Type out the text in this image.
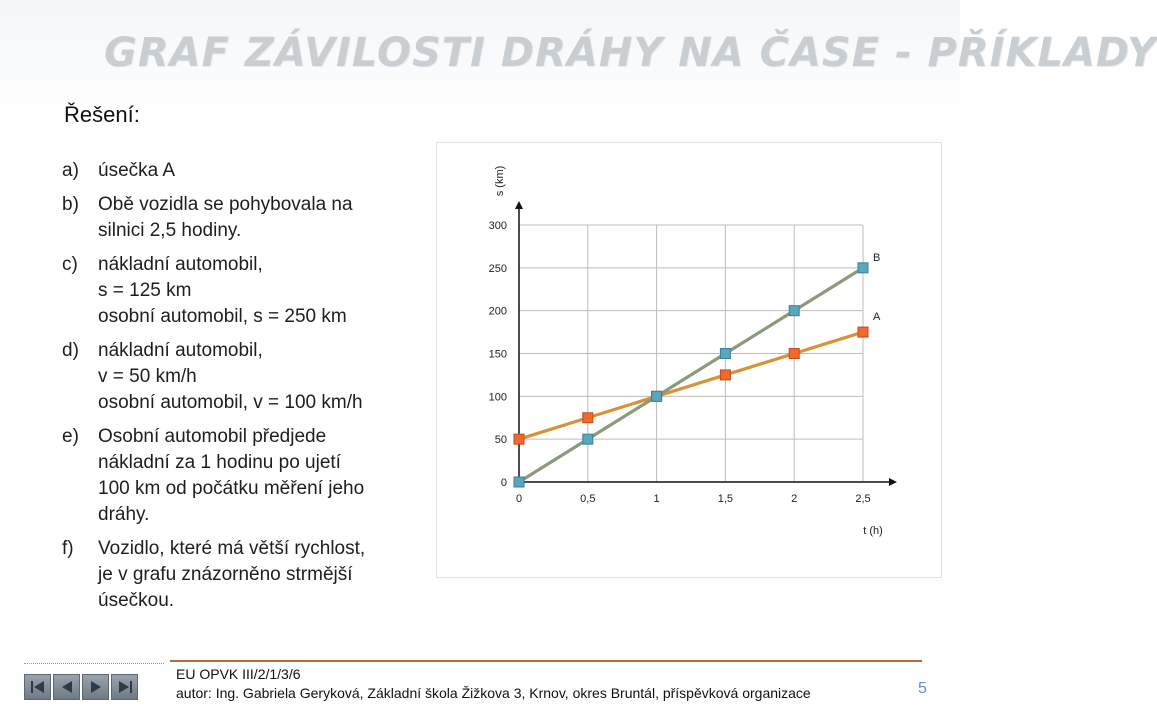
GRAF ZÁVILOSTI DRÁHY NA ČASE - PŘÍKLADY
Řešení:
a)	úsečka A
b)	Obě vozidla se pohybovala na
silnici 2,5 hodiny.
c)	nákladní automobil,
s = 125 km
osobní automobil, s = 250 km
d)	nákladní automobil,
v = 50 km/h
osobní automobil, v = 100 km/h
e)	Osobní automobil předjede
nákladní za 1 hodinu po ujetí
100 km od počátku měření jeho
dráhy.
f)	Vozidlo, které má větší rychlost,
je v grafu znázorněno strmější
úsečkou.
0
50
100
150
200
250
300
0	0,5	1	1,5	2	2,5
s (km)
t (h)
A
B
EU OPVK III/2/1/3/6
autor: Ing. Gabriela Geryková, Základní škola Žižkova 3, Krnov, okres Bruntál, příspěvková organizace	5
